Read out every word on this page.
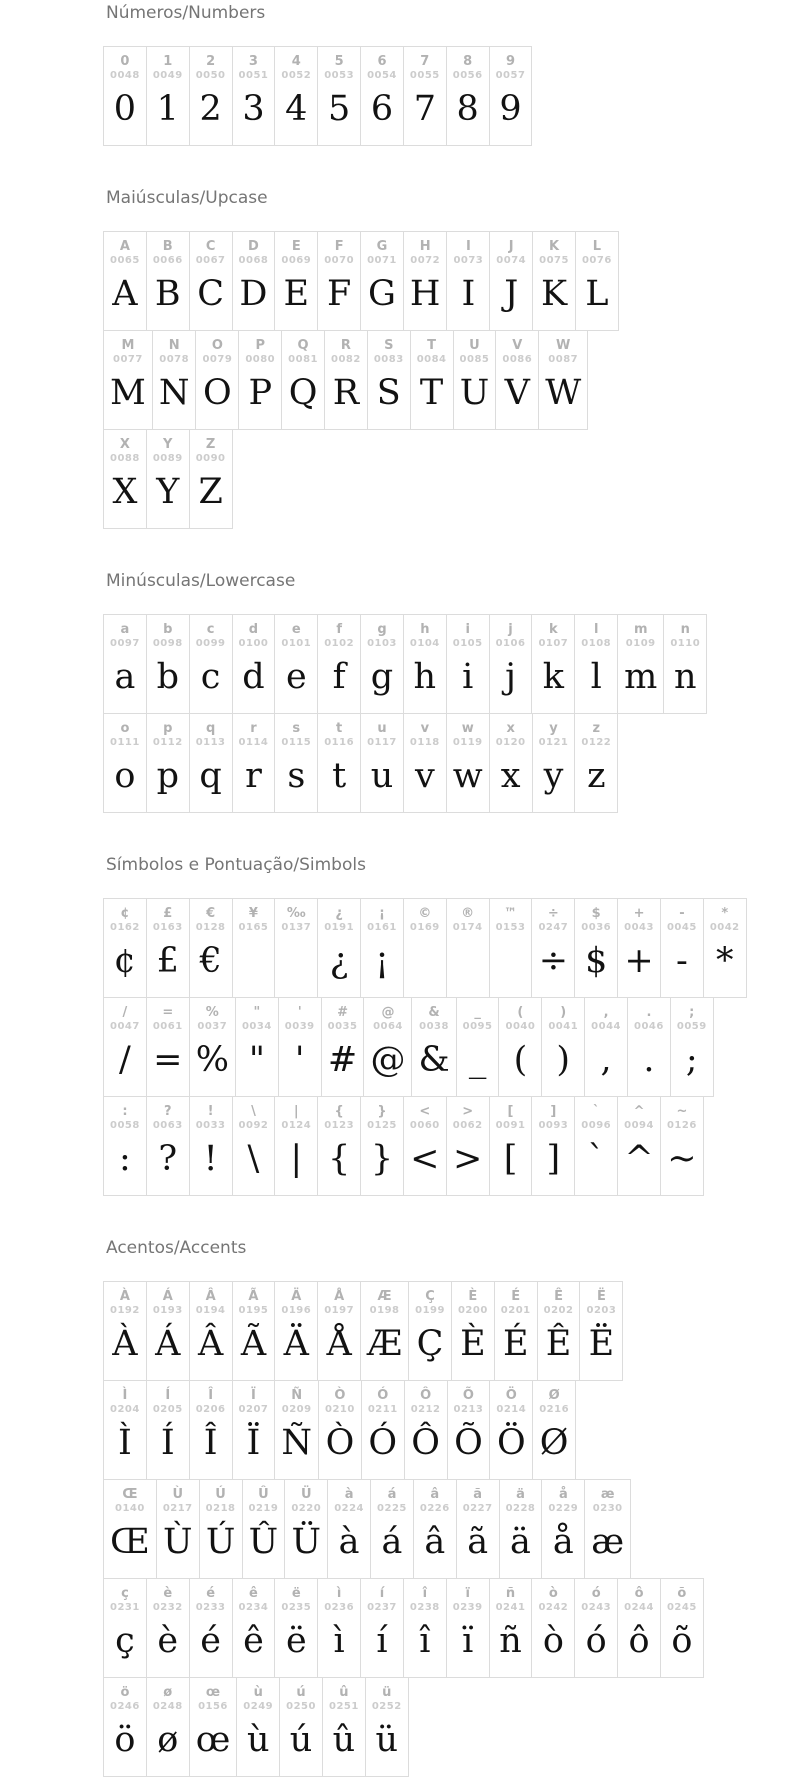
Números/Numbers
0
0048
0
1
0049
1
2
0050
2
3
0051
3
4
0052
4
5
0053
5
6
0054
6
7
0055
7
8
0056
8
9
0057
9
Maiúsculas/Upcase
A
0065
A
B
0066
B
C
0067
C
D
0068
D
E
0069
E
F
0070
F
G
0071
G
H
0072
H
I
0073
I
J
0074
J
K
0075
K
L
0076
L
M
0077
M
N
0078
N
O
0079
O
P
0080
P
Q
0081
Q
R
0082
R
S
0083
S
T
0084
T
U
0085
U
V
0086
V
W
0087
W
X
0088
X
Y
0089
Y
Z
0090
Z
Minúsculas/Lowercase
a
0097
a
b
0098
b
c
0099
c
d
0100
d
e
0101
e
f
0102
f
g
0103
g
h
0104
h
i
0105
i
j
0106
j
k
0107
k
l
0108
l
m
0109
m
n
0110
n
o
0111
o
p
0112
p
q
0113
q
r
0114
r
s
0115
s
t
0116
t
u
0117
u
v
0118
v
w
0119
w
x
0120
x
y
0121
y
z
0122
z
Símbolos e Pontuação/Simbols
¢
0162
¢
£
0163
£
€
0128
€
¥
0165
‰
0137
¿
0191
¿
¡
0161
¡
©
0169
®
0174
™
0153
÷
0247
÷
$
0036
$
+
0043
+
-
0045
-
*
0042
*
/
0047
/
=
0061
=
%
0037
%
"
0034
"
'
0039
'
#
0035
#
@
0064
@
&
0038
&
_
0095
_
(
0040
(
)
0041
)
,
0044
,
.
0046
.
;
0059
;
:
0058
:
?
0063
?
!
0033
!
\
0092
\
|
0124
|
{
0123
{
}
0125
}
<
0060
<
>
0062
>
[
0091
[
]
0093
]
`
0096
`
^
0094
^
~
0126
~
Acentos/Accents
À
0192
À
Á
0193
Á
Â
0194
Â
Ã
0195
Ã
Ä
0196
Ä
Å
0197
Å
Æ
0198
Æ
Ç
0199
Ç
È
0200
È
É
0201
É
Ê
0202
Ê
Ë
0203
Ë
Ì
0204
Ì
Í
0205
Í
Î
0206
Î
Ï
0207
Ï
Ñ
0209
Ñ
Ò
0210
Ò
Ó
0211
Ó
Ô
0212
Ô
Õ
0213
Õ
Ö
0214
Ö
Ø
0216
Ø
Œ
0140
Œ
Ù
0217
Ù
Ú
0218
Ú
Û
0219
Û
Ü
0220
Ü
à
0224
à
á
0225
á
â
0226
â
ã
0227
ã
ä
0228
ä
å
0229
å
æ
0230
æ
ç
0231
ç
è
0232
è
é
0233
é
ê
0234
ê
ë
0235
ë
ì
0236
ì
í
0237
í
î
0238
î
ï
0239
ï
ñ
0241
ñ
ò
0242
ò
ó
0243
ó
ô
0244
ô
õ
0245
õ
ö
0246
ö
ø
0248
ø
œ
0156
œ
ù
0249
ù
ú
0250
ú
û
0251
û
ü
0252
ü
